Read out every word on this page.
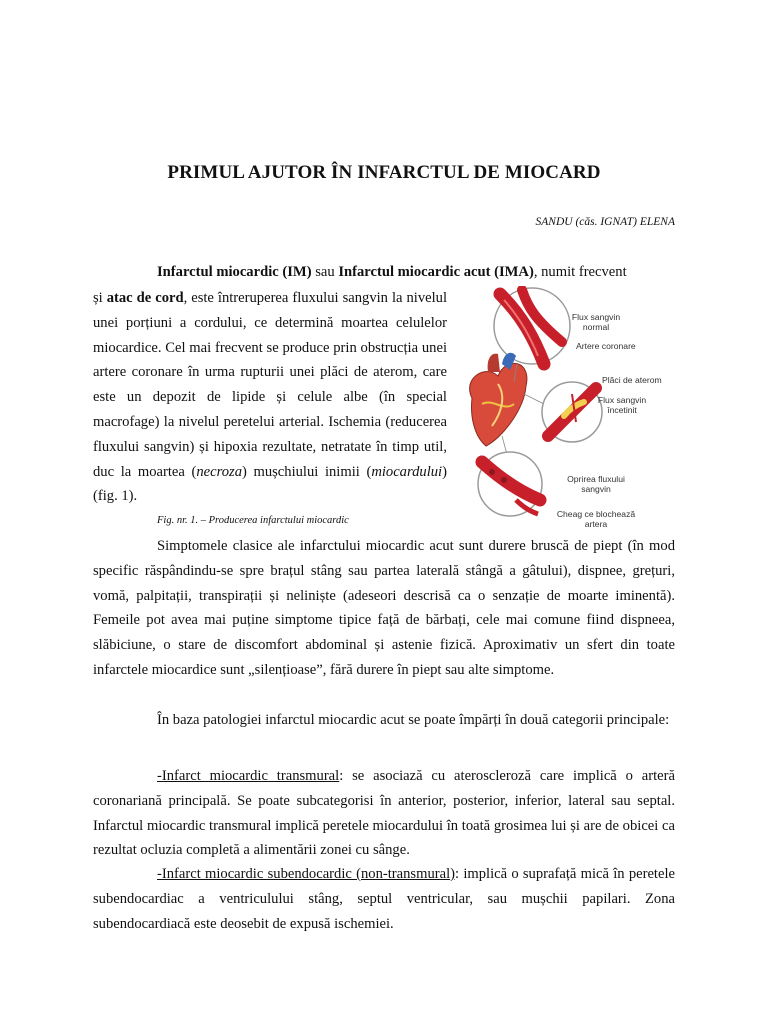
PRIMUL AJUTOR ÎN INFARCTUL DE MIOCARD
SANDU (căs. IGNAT) ELENA

Infarctul miocardic (IM) sau Infarctul miocardic acut (IMA), numit frecvent

și atac de cord, este întreruperea fluxului sangvin la nivelul unei porțiuni a cordului, ce determină moartea celulelor miocardice. Cel mai frecvent se produce prin obstrucția unei artere coronare în urma rupturii unei plăci de aterom, care este un depozit de lipide și celule albe (în special macrofage) la nivelul peretelui arterial. Ischemia (reducerea fluxului sangvin) și hipoxia rezultate, netratate în timp util, duc la moartea (necroza) mușchiului inimii (miocardului) (fig. 1).

Flux sangvin
normal
Artere coronare
Plăci de aterom
Flux sangvin
încetinit
Oprirea fluxului
sangvin
Cheag ce blochează
artera
Fig. nr. 1. – Producerea infarctului miocardic

Simptomele clasice ale infarctului miocardic acut sunt durere bruscă de piept (în mod specific răspândindu-se spre brațul stâng sau partea laterală stângă a gâtului), dispnee, grețuri, vomă, palpitații, transpirații și neliniște (adeseori descrisă ca o senzație de moarte iminentă). Femeile pot avea mai puține simptome tipice față de bărbați, cele mai comune fiind dispneea, slăbiciune, o stare de discomfort abdominal și astenie fizică. Aproximativ un sfert din toate infarctele miocardice sunt „silențioase”, fără durere în piept sau alte simptome.

În baza patologiei infarctul miocardic acut se poate împărți în două categorii principale:

-Infarct miocardic transmural: se asociază cu ateroscleroză care implică o arteră coronariană principală. Se poate subcategorisi în anterior, posterior, inferior, lateral sau septal. Infarctul miocardic transmural implică peretele miocardului în toată grosimea lui și are de obicei ca rezultat ocluzia completă a alimentării zonei cu sânge.

-Infarct miocardic subendocardic (non-transmural): implică o suprafață mică în peretele subendocardiac a ventriculului stâng, septul ventricular, sau mușchii papilari. Zona subendocardiacă este deosebit de expusă ischemiei.
